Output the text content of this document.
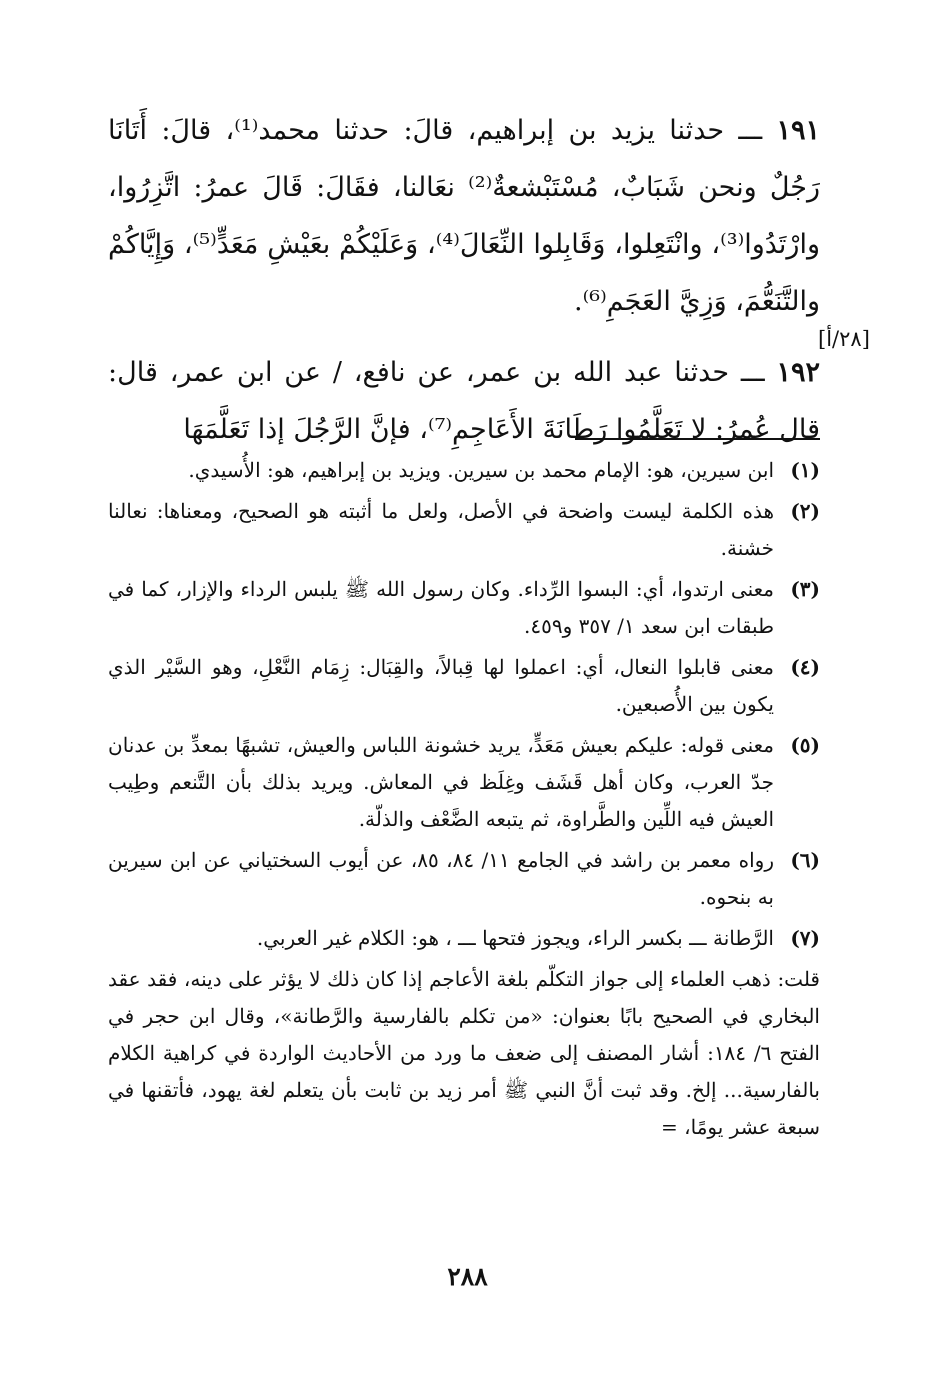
١٩١ ـــ حدثنا يزيد بن إبراهيم، قالَ: حدثنا محمد⁽¹⁾، قالَ: أَتَانَا رَجُلٌ ونحن شَبَابٌ، مُسْتَبْشعةٌ⁽²⁾ نعَالنا، فقَالَ: قَالَ عمرُ: اتَّزِرُوا، وارْتَدُوا⁽³⁾، وانْتَعِلوا، وَقَابِلوا النِّعَالَ⁽⁴⁾، وَعَلَيْكُمْ بعَيْشِ مَعَدٍّ⁽⁵⁾، وَإِيَّاكُمْ والتَّنَعُّمَ، وَزِيَّ العَجَمِ⁽⁶⁾.

١٩٢ ـــ حدثنا عبد الله بن عمر، عن نافع، / عن ابن عمر، قال: قال عُمرُ: لا تَعَلَّمُوا رَطَانَةَ الأَعَاجِمِ⁽⁷⁾، فإنَّ الرَّجُلَ إذا تَعَلَّمَهَا

[٢٨/أ]
(١)
ابن سيرين، هو: الإمام محمد بن سيرين. ويزيد بن إبراهيم، هو: الأُسيدي.
(٢)
هذه الكلمة ليست واضحة في الأصل، ولعل ما أثبته هو الصحيح، ومعناها: نعالنا خشنة.
(٣)
معنى ارتدوا، أي: البسوا الرِّداء. وكان رسول الله ﷺ يلبس الرداء والإزار، كما في طبقات ابن سعد ١/ ٣٥٧ و٤٥٩.
(٤)
معنى قابلوا النعال، أي: اعملوا لها قِبالاً، والقِبَال: زِمَام النَّعْلِ، وهو السَّيْر الذي يكون بين الأُصبعين.
(٥)
معنى قوله: عليكم بعيش مَعَدٍّ، يريد خشونة اللباس والعيش، تشبهًا بمعدِّ بن عدنان جدّ العرب، وكان أهل قَشَف وغِلَظ في المعاش. ويريد بذلك بأن التَّنعم وطِيب العيش فيه اللِّين والطَّراوة، ثم يتبعه الضَّعْف والذلّة.
(٦)
رواه معمر بن راشد في الجامع ١١/ ٨٤، ٨٥، عن أيوب السختياني عن ابن سيرين به بنحوه.
(٧)
الرَّطانة ـــ بكسر الراء، ويجوز فتحها ـــ ، هو: الكلام غير العربي.
قلت: ذهب العلماء إلى جواز التكلّم بلغة الأعاجم إذا كان ذلك لا يؤثر على دينه، فقد عقد البخاري في الصحيح بابًا بعنوان: «من تكلم بالفارسية والرَّطانة»، وقال ابن حجر في الفتح ٦/ ١٨٤: أشار المصنف إلى ضعف ما ورد من الأحاديث الواردة في كراهية الكلام بالفارسية... إلخ. وقد ثبت أنَّ النبي ﷺ أمر زيد بن ثابت بأن يتعلم لغة يهود، فأتقنها في سبعة عشر يومًا، =
٢٨٨
